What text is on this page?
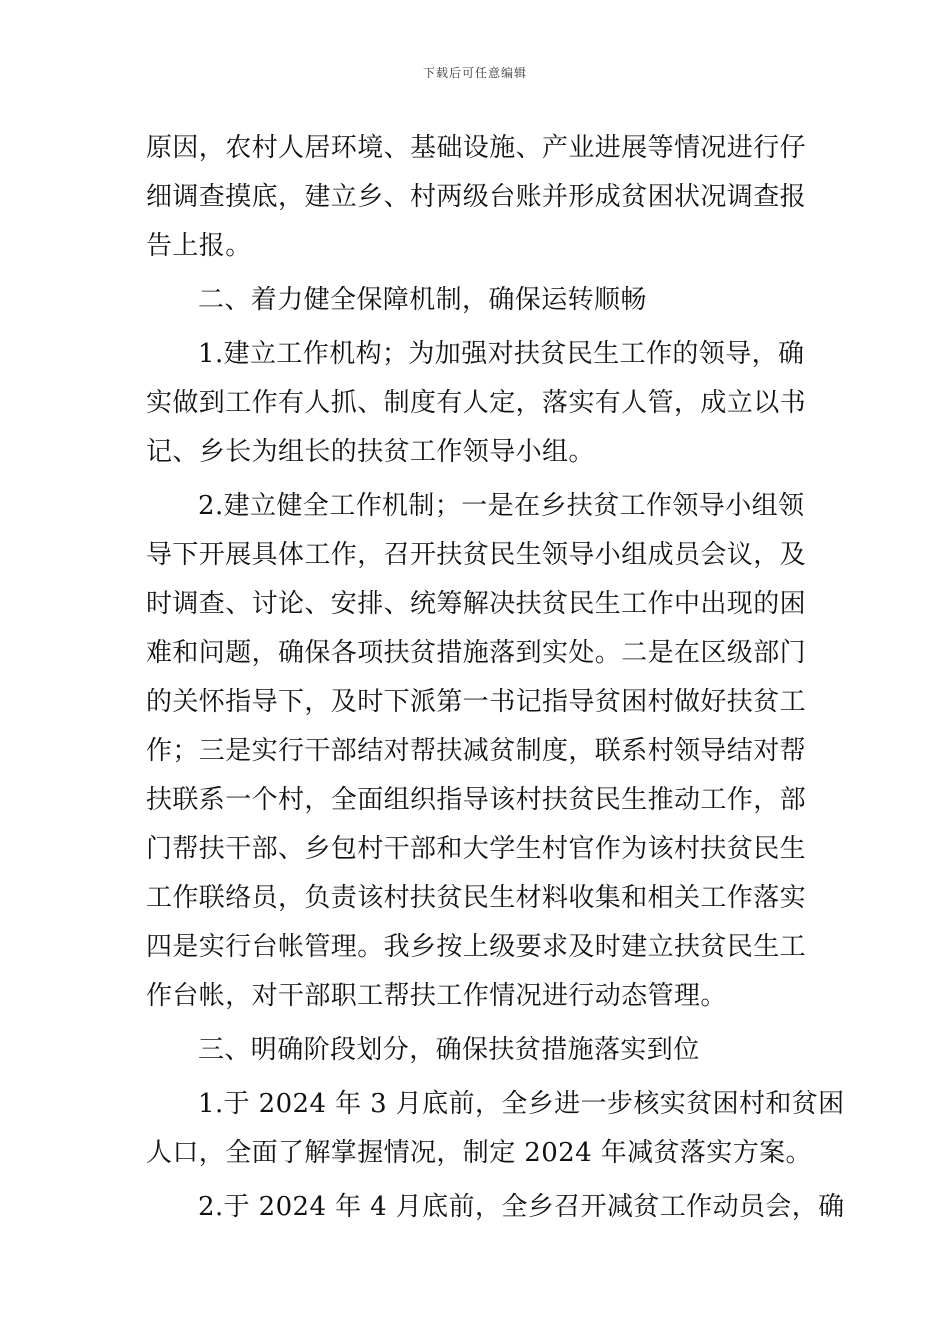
下载后可任意编辑
原因，农村人居环境、基础设施、产业进展等情况进行仔
细调查摸底，建立乡、村两级台账并形成贫困状况调查报
告上报。
二、着力健全保障机制，确保运转顺畅
1.建立工作机构；为加强对扶贫民生工作的领导，确
实做到工作有人抓、制度有人定，落实有人管，成立以书
记、乡长为组长的扶贫工作领导小组。
2.建立健全工作机制；一是在乡扶贫工作领导小组领
导下开展具体工作，召开扶贫民生领导小组成员会议，及
时调查、讨论、安排、统筹解决扶贫民生工作中出现的困
难和问题，确保各项扶贫措施落到实处。二是在区级部门
的关怀指导下，及时下派第一书记指导贫困村做好扶贫工
作；三是实行干部结对帮扶减贫制度，联系村领导结对帮
扶联系一个村，全面组织指导该村扶贫民生推动工作，部
门帮扶干部、乡包村干部和大学生村官作为该村扶贫民生
工作联络员，负责该村扶贫民生材料收集和相关工作落实
四是实行台帐管理。我乡按上级要求及时建立扶贫民生工
作台帐，对干部职工帮扶工作情况进行动态管理。
三、明确阶段划分，确保扶贫措施落实到位
1.于 2024 年 3 月底前，全乡进一步核实贫困村和贫困
人口，全面了解掌握情况，制定 2024 年减贫落实方案。
2.于 2024 年 4 月底前，全乡召开减贫工作动员会，确
